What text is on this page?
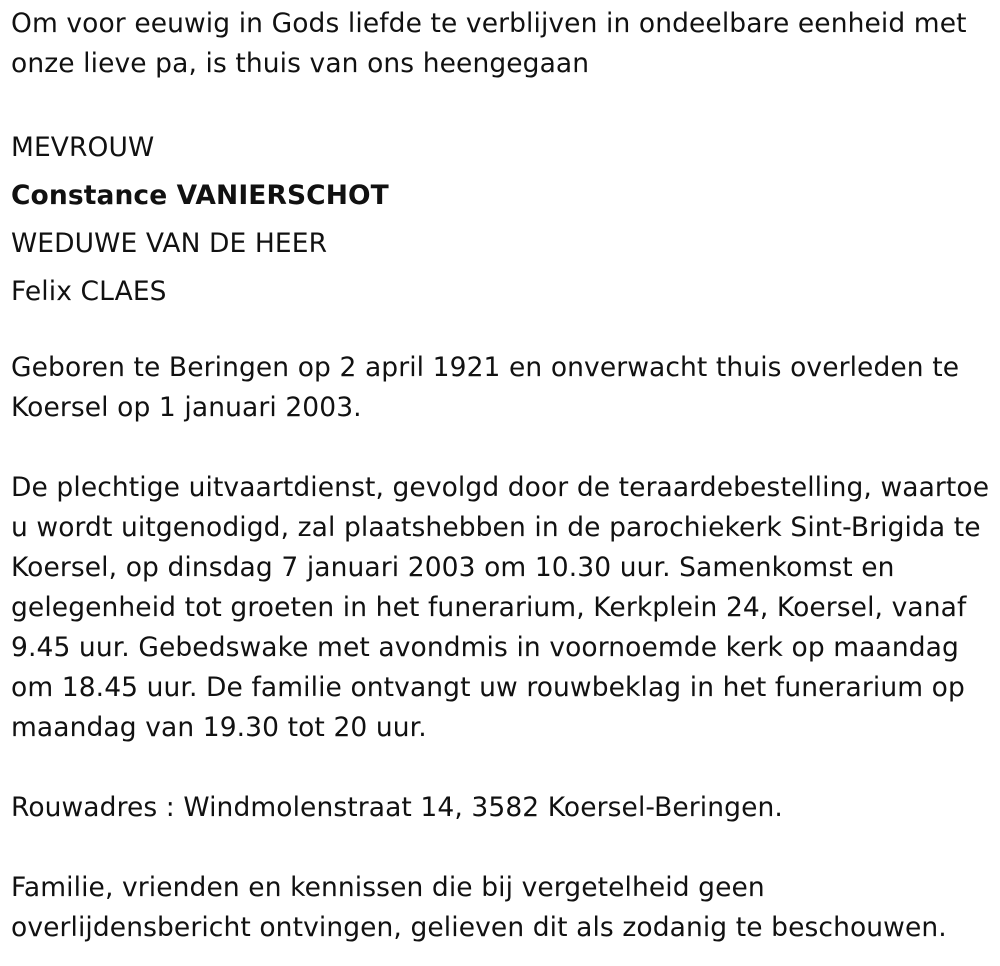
Om voor eeuwig in Gods liefde te verblijven in ondeelbare eenheid met onze lieve pa, is thuis van ons heengegaan

MEVROUW

Constance VANIERSCHOT

WEDUWE VAN DE HEER

Felix CLAES

Geboren te Beringen op 2 april 1921 en onverwacht thuis overleden te Koersel op 1 januari 2003.

De plechtige uitvaartdienst, gevolgd door de teraardebestelling, waartoe u wordt uitgenodigd, zal plaatshebben in de parochiekerk Sint-Brigida te Koersel, op dinsdag 7 januari 2003 om 10.30 uur. Samenkomst en gelegenheid tot groeten in het funerarium, Kerkplein 24, Koersel, vanaf 9.45 uur. Gebedswake met avondmis in voornoemde kerk op maandag om 18.45 uur. De familie ontvangt uw rouwbeklag in het funerarium op maandag van 19.30 tot 20 uur.

Rouwadres : Windmolenstraat 14, 3582 Koersel-Beringen.

Familie, vrienden en kennissen die bij vergetelheid geen overlijdensbericht ontvingen, gelieven dit als zodanig te beschouwen.
